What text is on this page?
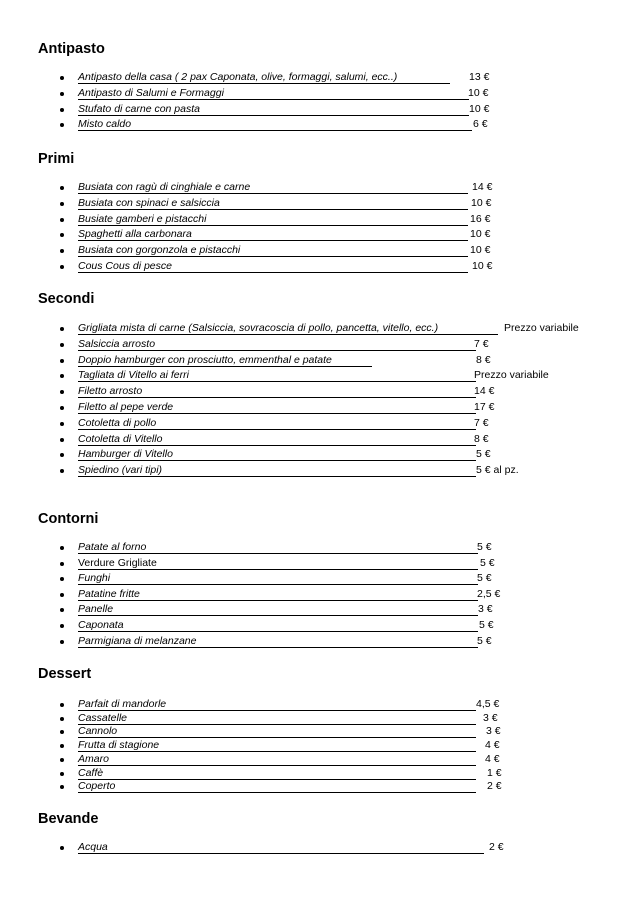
Antipasto
Antipasto della casa ( 2 pax Caponata, olive, formaggi, salumi, ecc..)	13 €
Antipasto di Salumi e Formaggi	10 €
Stufato di carne con pasta	10 €
Misto caldo	6 €
Primi
Busiata con ragù di cinghiale e carne	14 €
Busiata con spinaci e salsiccia	10 €
Busiate gamberi e pistacchi	16 €
Spaghetti alla carbonara	10 €
Busiata con gorgonzola e pistacchi	10 €
Cous Cous di pesce	10 €
Secondi
Grigliata mista di carne (Salsiccia, sovracoscia di pollo, pancetta, vitello, ecc.)	Prezzo variabile
Salsiccia arrosto	7 €
Doppio hamburger con prosciutto, emmenthal e patate	8 €
Tagliata di Vitello ai ferri	Prezzo variabile
Filetto arrosto	14 €
Filetto al pepe verde	17 €
Cotoletta di pollo	7 €
Cotoletta di Vitello	8 €
Hamburger di Vitello	5 €
Spiedino (vari tipi)	5 € al pz.
Contorni
Patate al forno	5 €
Verdure Grigliate	5 €
Funghi	5 €
Patatine fritte	2,5 €
Panelle	3 €
Caponata	5 €
Parmigiana di melanzane	5 €
Dessert
Parfait di mandorle	4,5 €
Cassatelle	3 €
Cannolo	3 €
Frutta di stagione	4 €
Amaro	4 €
Caffè	1 €
Coperto	2 €
Bevande
Acqua	2 €
